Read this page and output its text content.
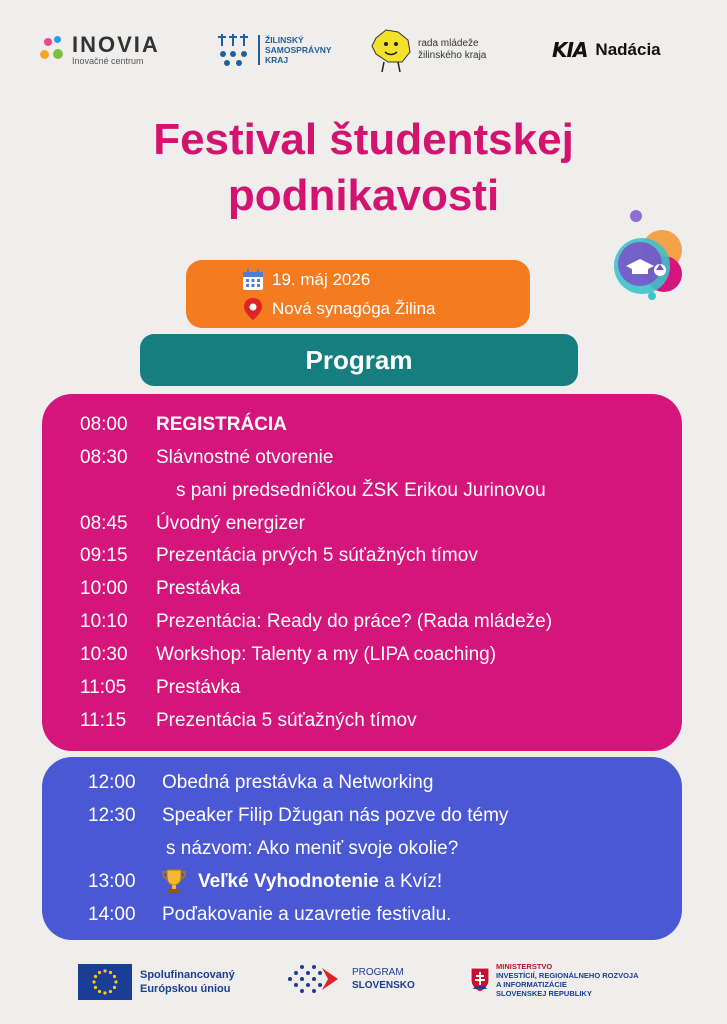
INOVIA
Inovačné centrum
ŽILINSKÝ
SAMOSPRÁVNY
KRAJ
rada mládeže
žilinského kraja	KIA Nadácia
Festival študentskej
podnikavosti
19. máj 2026
Nová synagóga Žilina
Program
08:00 REGISTRÁCIA
08:30 Slávnostné otvorenie
s pani predsedníčkou ŽSK Erikou Jurinovou
08:45 Úvodný energizer
09:15 Prezentácia prvých 5 súťažných tímov
10:00 Prestávka
10:10 Prezentácia: Ready do práce? (Rada mládeže)
10:30 Workshop: Talenty a my (LIPA coaching)
11:05 Prestávka
11:15 Prezentácia 5 súťažných tímov
12:00 Obedná prestávka a Networking
12:30 Speaker Filip Džugan nás pozve do témy
s názvom: Ako meniť svoje okolie?
13:00	Veľké Vyhodnotenie a Kvíz!
14:00 Poďakovanie a uzavretie festivalu.
Spolufinancovaný
Európskou úniou
PROGRAM
SLOVENSKO
MINISTERSTVO
INVESTÍCIÍ, REGIONÁLNEHO ROZVOJA
A INFORMATIZÁCIE
SLOVENSKEJ REPUBLIKY
